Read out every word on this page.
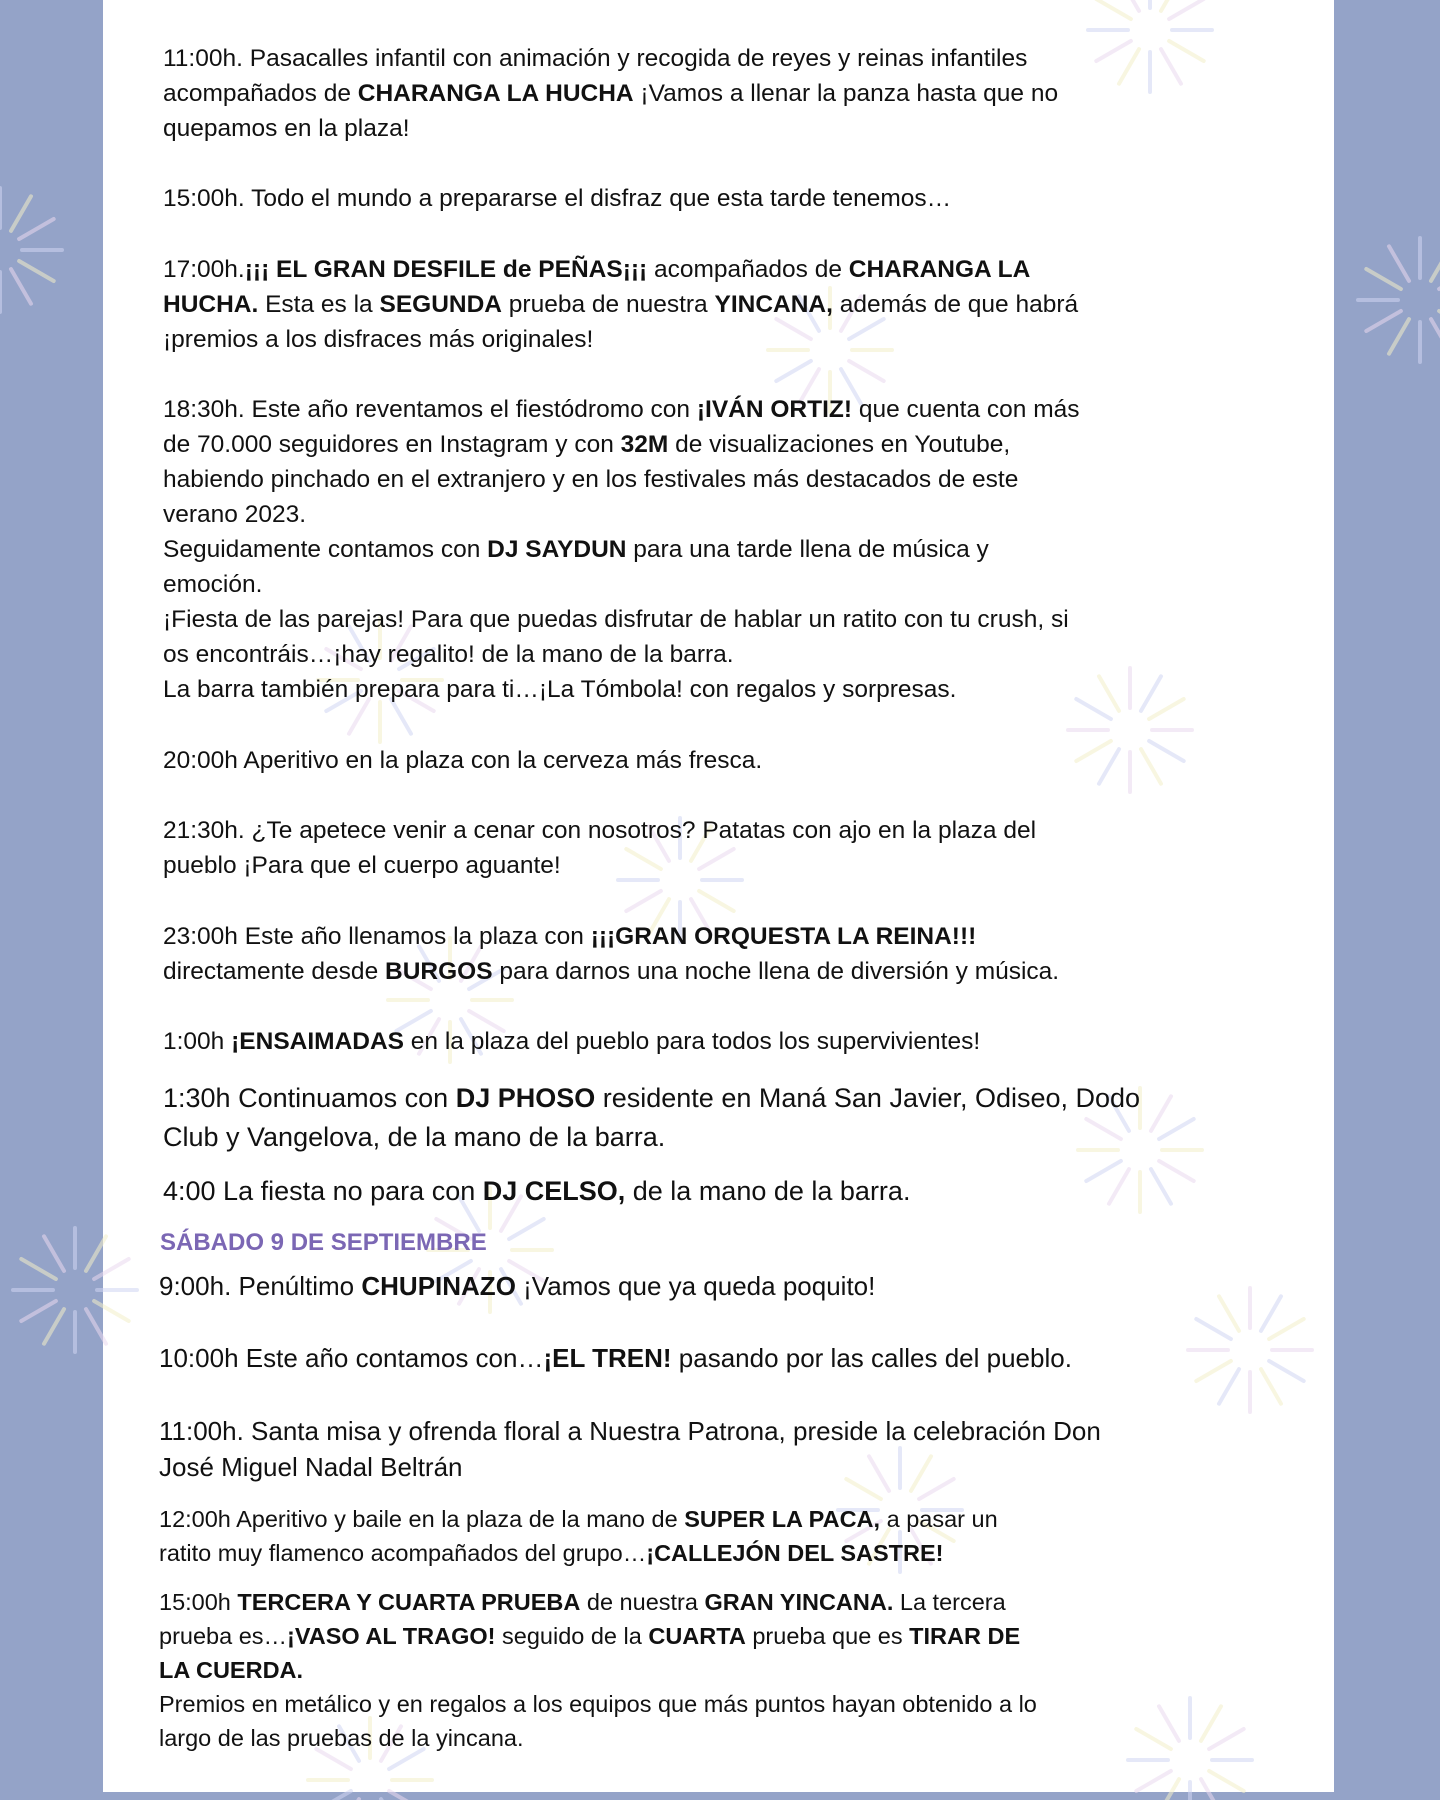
11:00h. Pasacalles infantil con animación y recogida de reyes y reinas infantiles

acompañados de CHARANGA LA HUCHA ¡Vamos a llenar la panza hasta que no

quepamos en la plaza!

15:00h. Todo el mundo a prepararse el disfraz que esta tarde tenemos…

17:00h.¡¡¡ EL GRAN DESFILE de PEÑAS¡¡¡ acompañados de CHARANGA LA

HUCHA. Esta es la SEGUNDA prueba de nuestra YINCANA, además de que habrá

¡premios a los disfraces más originales!

18:30h. Este año reventamos el fiestódromo con ¡IVÁN ORTIZ! que cuenta con más

de 70.000 seguidores en Instagram y con 32M de visualizaciones en Youtube,

habiendo pinchado en el extranjero y en los festivales más destacados de este

verano 2023.

Seguidamente contamos con DJ SAYDUN para una tarde llena de música y

emoción.

¡Fiesta de las parejas! Para que puedas disfrutar de hablar un ratito con tu crush, si

os encontráis…¡hay regalito! de la mano de la barra.

La barra también prepara para ti…¡La Tómbola! con regalos y sorpresas.

20:00h Aperitivo en la plaza con la cerveza más fresca.

21:30h. ¿Te apetece venir a cenar con nosotros? Patatas con ajo en la plaza del

pueblo ¡Para que el cuerpo aguante!

23:00h Este año llenamos la plaza con ¡¡¡GRAN ORQUESTA LA REINA!!!

directamente desde BURGOS para darnos una noche llena de diversión y música.

1:00h ¡ENSAIMADAS en la plaza del pueblo para todos los supervivientes!

1:30h Continuamos con DJ PHOSO residente en Maná San Javier, Odiseo, Dodo

Club y Vangelova, de la mano de la barra.

4:00 La fiesta no para con DJ CELSO, de la mano de la barra.

SÁBADO 9 DE SEPTIEMBRE

9:00h. Penúltimo CHUPINAZO ¡Vamos que ya queda poquito!

10:00h Este año contamos con…¡EL TREN! pasando por las calles del pueblo.

11:00h. Santa misa y ofrenda floral a Nuestra Patrona, preside la celebración Don

José Miguel Nadal Beltrán

12:00h Aperitivo y baile en la plaza de la mano de SUPER LA PACA, a pasar un

ratito muy flamenco acompañados del grupo…¡CALLEJÓN DEL SASTRE!

15:00h TERCERA Y CUARTA PRUEBA de nuestra GRAN YINCANA. La tercera

prueba es…¡VASO AL TRAGO! seguido de la CUARTA prueba que es TIRAR DE

LA CUERDA.

Premios en metálico y en regalos a los equipos que más puntos hayan obtenido a lo

largo de las pruebas de la yincana.
